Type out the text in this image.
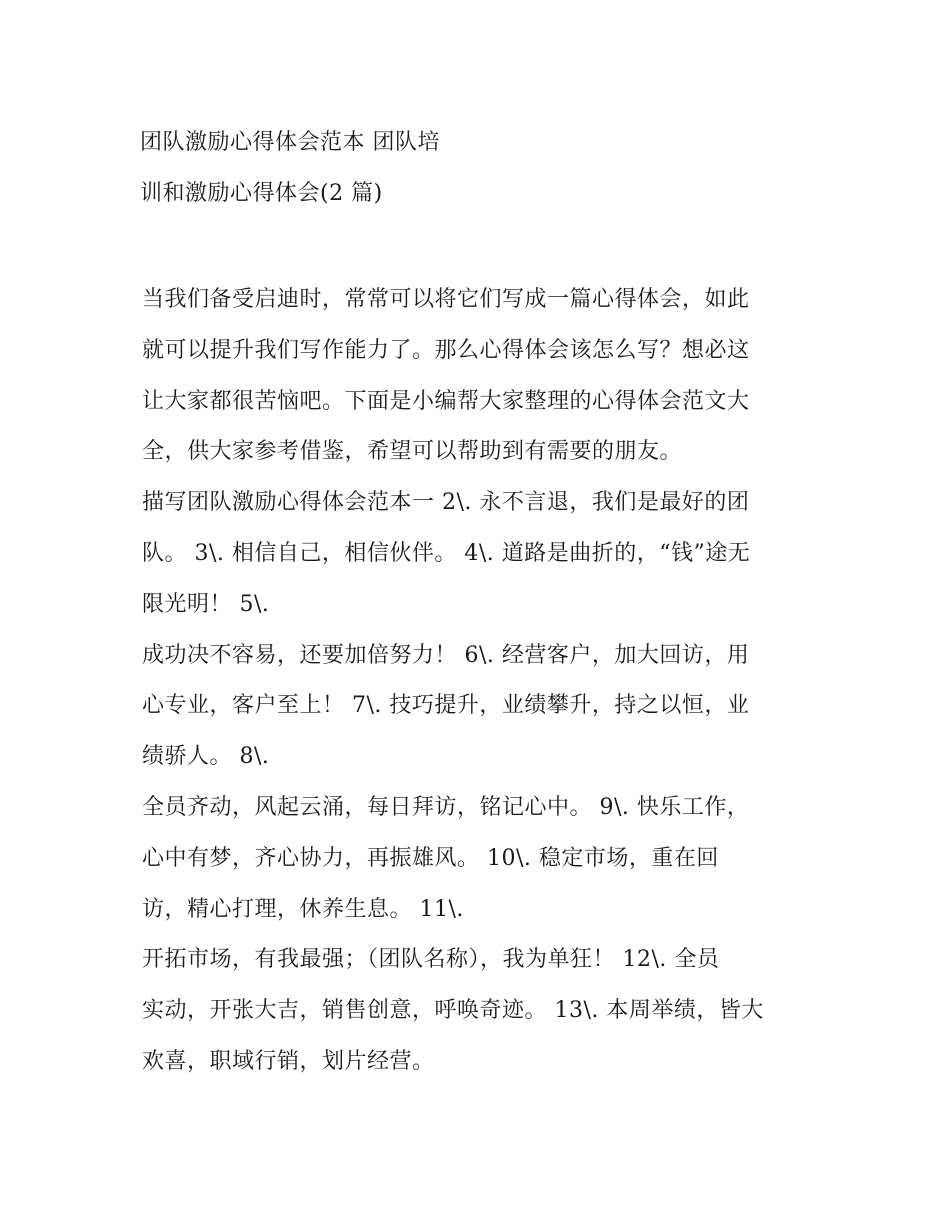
团队激励心得体会范本 团队培
训和激励心得体会(2 篇)
当我们备受启迪时，常常可以将它们写成一篇心得体会，如此
就可以提升我们写作能力了。那么心得体会该怎么写？想必这
让大家都很苦恼吧。下面是小编帮大家整理的心得体会范文大
全，供大家参考借鉴，希望可以帮助到有需要的朋友。
描写团队激励心得体会范本一 2\. 永不言退，我们是最好的团
队。 3\. 相信自己，相信伙伴。 4\. 道路是曲折的，“钱”途无
限光明！ 5\.
成功决不容易，还要加倍努力！ 6\. 经营客户，加大回访，用
心专业，客户至上！ 7\. 技巧提升，业绩攀升，持之以恒，业
绩骄人。 8\.
全员齐动，风起云涌，每日拜访，铭记心中。 9\. 快乐工作，
心中有梦，齐心协力，再振雄风。 10\. 稳定市场，重在回
访，精心打理，休养生息。 11\.
开拓市场，有我最强；（团队名称），我为单狂！ 12\. 全员
实动，开张大吉，销售创意，呼唤奇迹。 13\. 本周举绩，皆大
欢喜，职域行销，划片经营。
